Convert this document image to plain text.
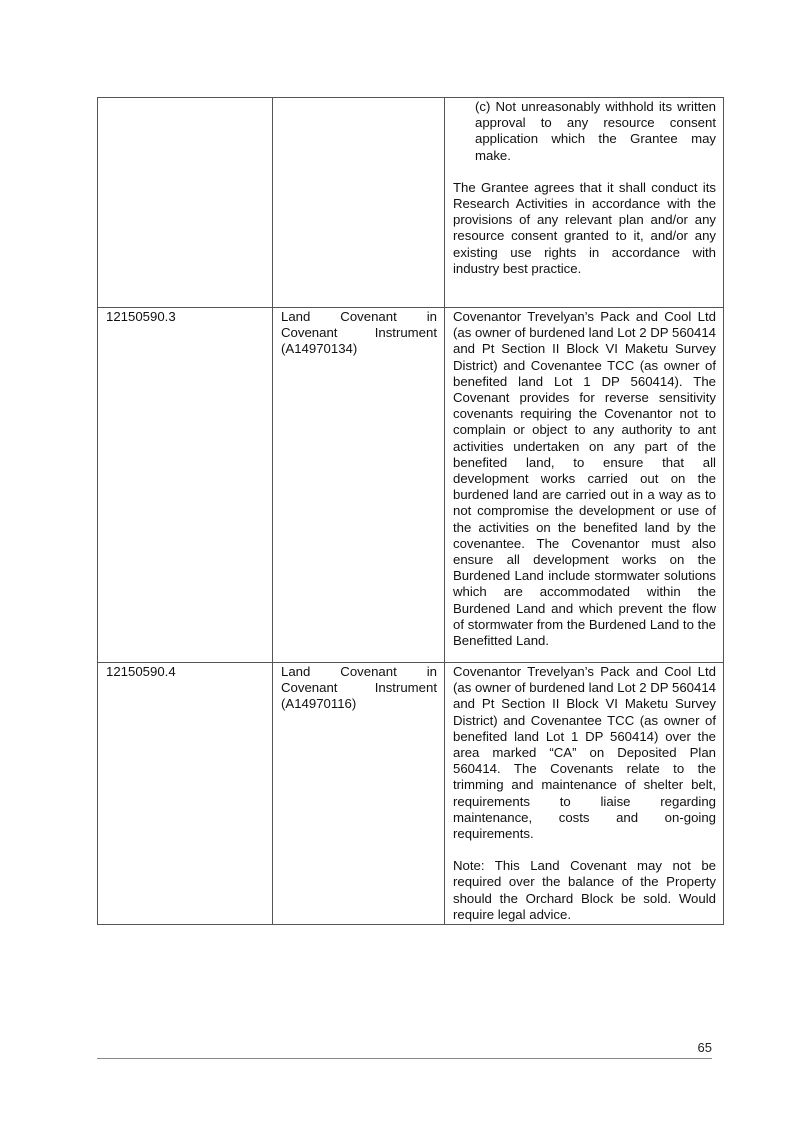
		(c) Not unreasonably withhold its written approval to any resource consent application which the Grantee may make.

The Grantee agrees that it shall conduct its Research Activities in accordance with the provisions of any relevant plan and/or any resource consent granted to it, and/or any existing use rights in accordance with industry best practice.

12150590.3	Land Covenant in Covenant Instrument (A14970134)	Covenantor Trevelyan’s Pack and Cool Ltd (as owner of burdened land Lot 2 DP 560414 and Pt Section II Block VI Maketu Survey District) and Covenantee TCC (as owner of benefited land Lot 1 DP 560414). The Covenant provides for reverse sensitivity covenants requiring the Covenantor not to complain or object to any authority to ant activities undertaken on any part of the benefited land, to ensure that all development works carried out on the burdened land are carried out in a way as to not compromise the development or use of the activities on the benefited land by the covenantee. The Covenantor must also ensure all development works on the Burdened Land include stormwater solutions which are accommodated within the Burdened Land and which prevent the flow of stormwater from the Burdened Land to the Benefitted Land.

12150590.4	Land Covenant in Covenant Instrument (A14970116)	Covenantor Trevelyan’s Pack and Cool Ltd (as owner of burdened land Lot 2 DP 560414 and Pt Section II Block VI Maketu Survey District) and Covenantee TCC (as owner of benefited land Lot 1 DP 560414) over the area marked “CA” on Deposited Plan 560414. The Covenants relate to the trimming and maintenance of shelter belt, requirements to liaise regarding maintenance, costs and on-going requirements.

Note: This Land Covenant may not be required over the balance of the Property should the Orchard Block be sold. Would require legal advice.

65
